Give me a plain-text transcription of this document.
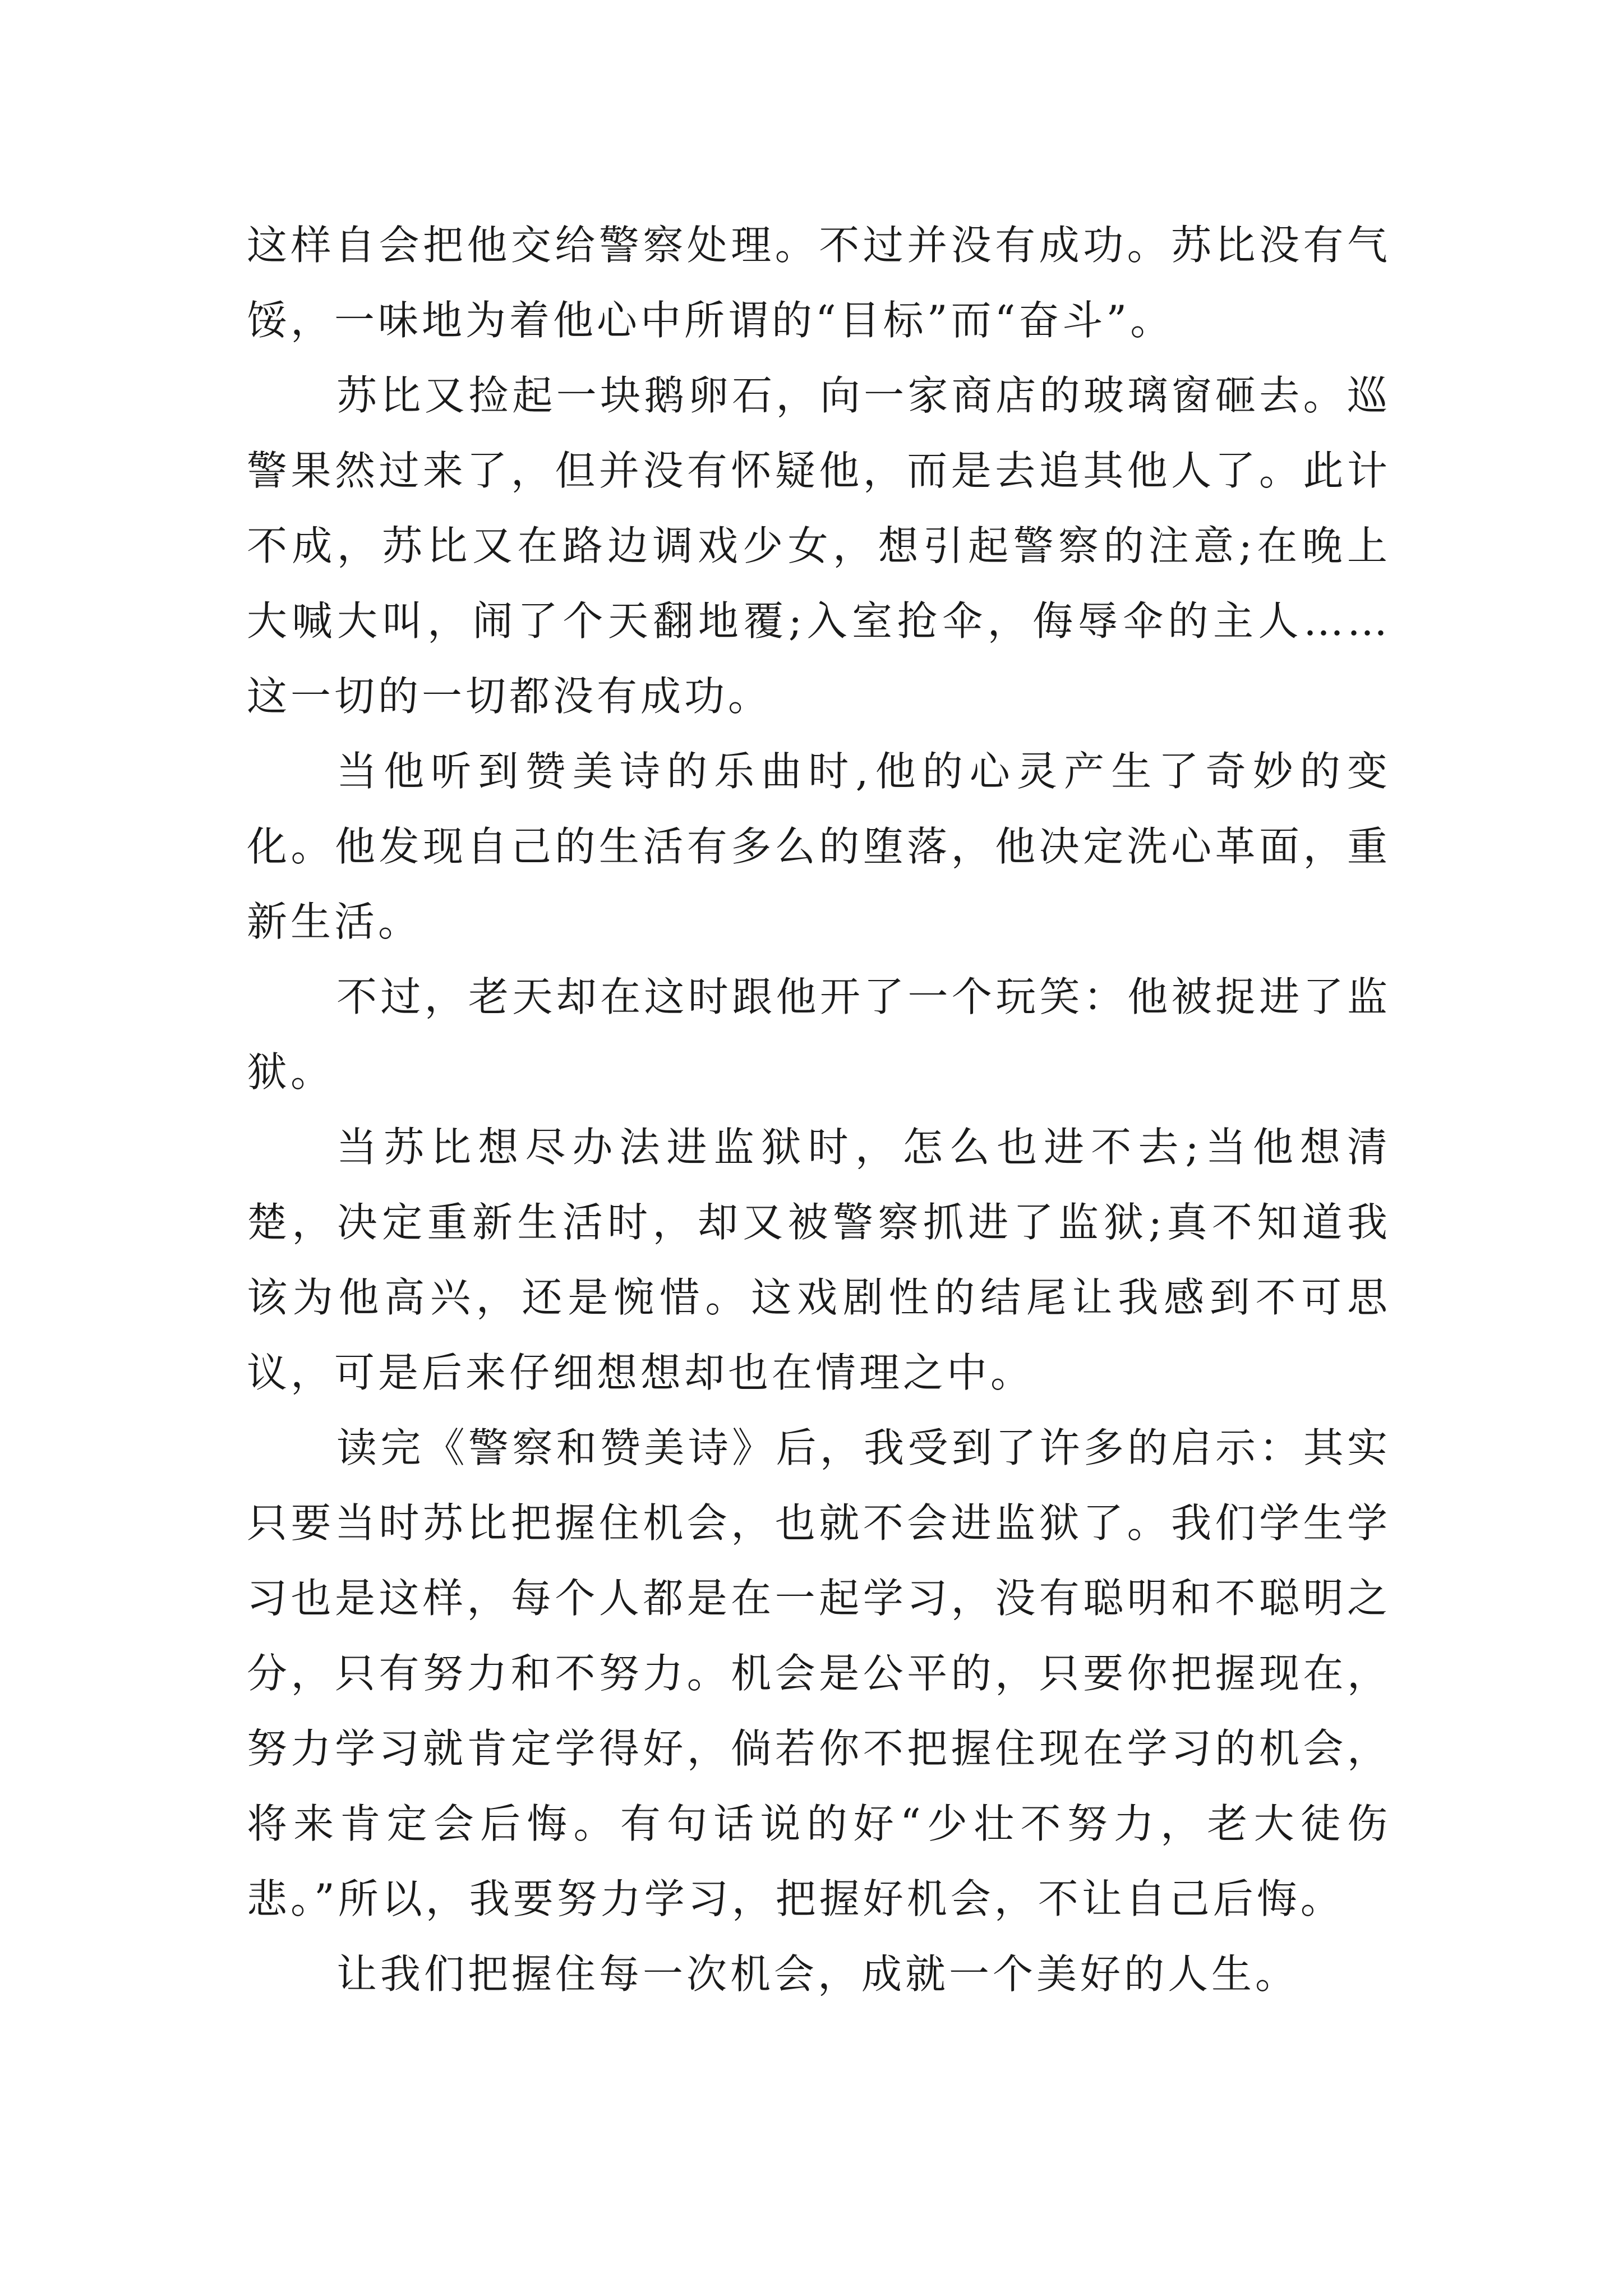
这样自会把他交给警察处理。不过并没有成功。苏比没有气馁，一味地为着他心中所谓的“目标”而“奋斗”。

苏比又捡起一块鹅卵石，向一家商店的玻璃窗砸去。巡警果然过来了，但并没有怀疑他，而是去追其他人了。此计不成，苏比又在路边调戏少女，想引起警察的注意;在晚上大喊大叫，闹了个天翻地覆;入室抢伞，侮辱伞的主人……这一切的一切都没有成功。

当他听到赞美诗的乐曲时,他的心灵产生了奇妙的变化。他发现自己的生活有多么的堕落，他决定洗心革面，重新生活。

不过，老天却在这时跟他开了一个玩笑：他被捉进了监狱。

当苏比想尽办法进监狱时，怎么也进不去;当他想清楚，决定重新生活时，却又被警察抓进了监狱;真不知道我该为他高兴，还是惋惜。这戏剧性的结尾让我感到不可思议，可是后来仔细想想却也在情理之中。

读完《警察和赞美诗》后，我受到了许多的启示：其实只要当时苏比把握住机会，也就不会进监狱了。我们学生学习也是这样，每个人都是在一起学习，没有聪明和不聪明之分，只有努力和不努力。机会是公平的，只要你把握现在，努力学习就肯定学得好，倘若你不把握住现在学习的机会，将来肯定会后悔。有句话说的好“少壮不努力，老大徒伤悲。”所以，我要努力学习，把握好机会，不让自己后悔。

让我们把握住每一次机会，成就一个美好的人生。
